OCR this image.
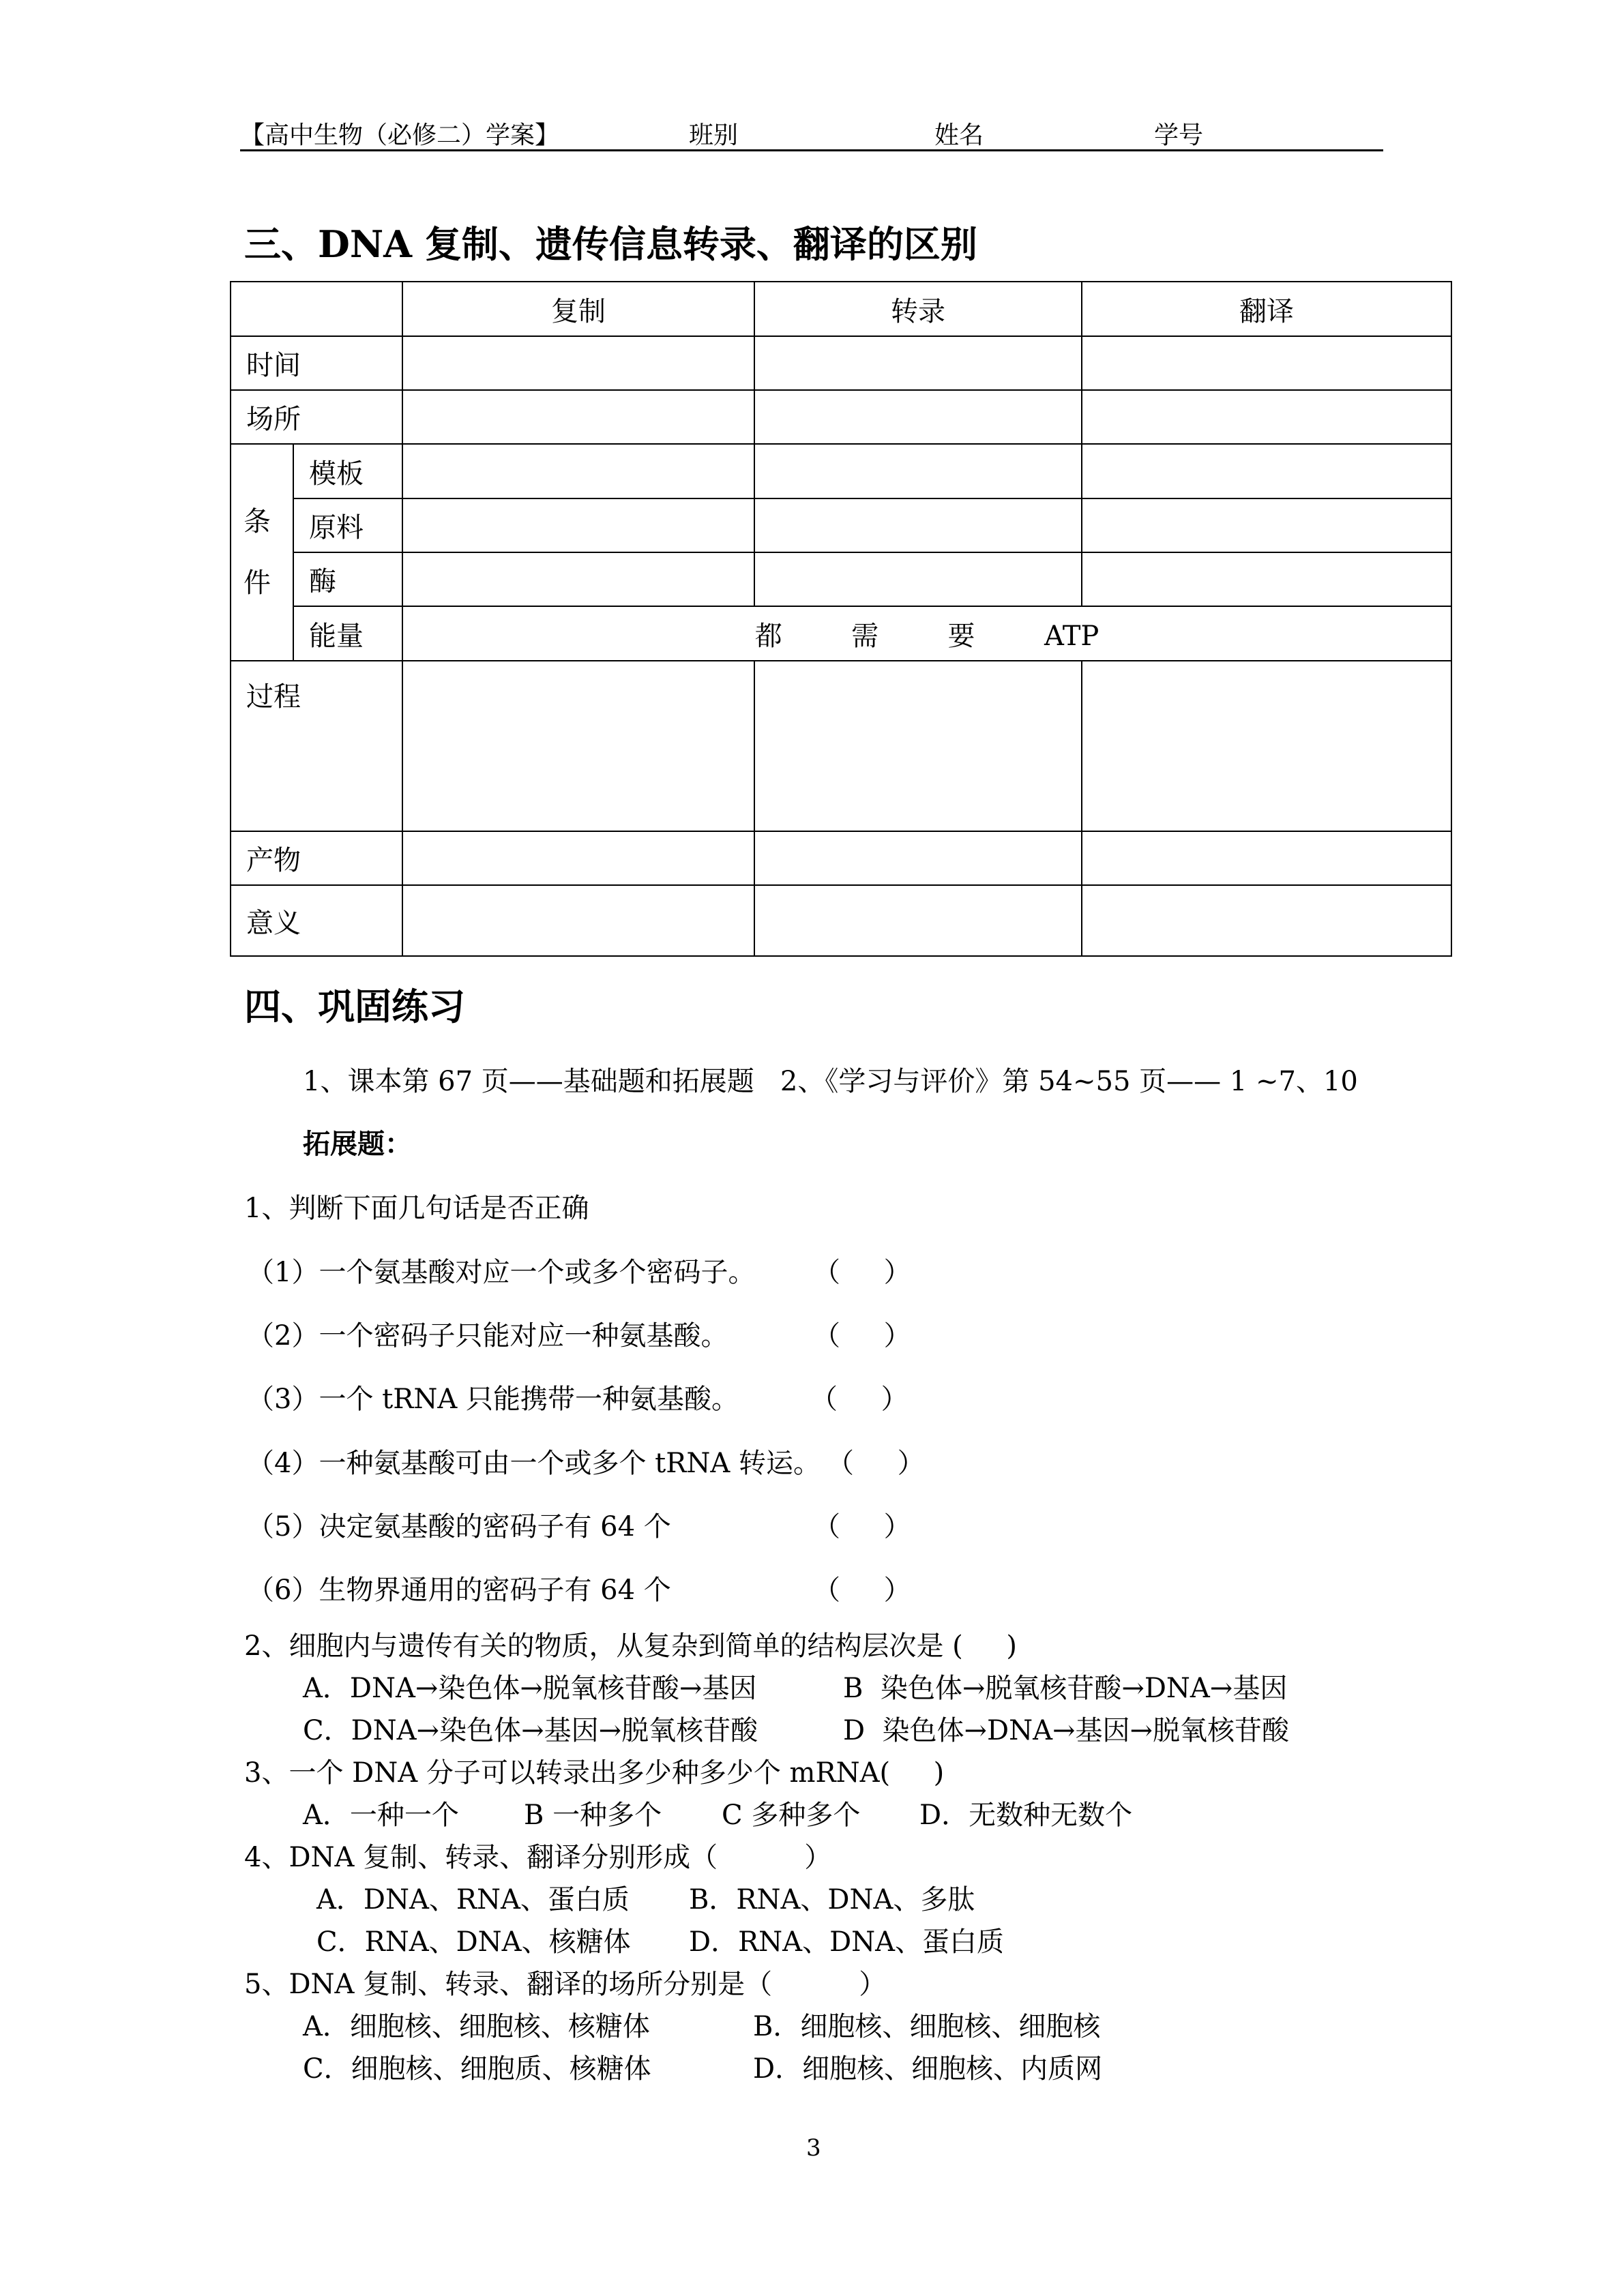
【高中生物（必修二）学案】	班别	姓名	学号
三、DNA 复制、遗传信息转录、翻译的区别
		复制	转录	翻译
时间				
场所				
条
件	模板			
	原料			
	酶			
	能量	都  需  要  ATP		
过程				
产物				
意义				
四、巩固练习
1、课本第 67 页——基础题和拓展题   2、《学习与评价》第 54~55 页—— 1 ~7、10
拓展题：
1、判断下面几句话是否正确
（1）一个氨基酸对应一个或多个密码子。 （     ）
（2）一个密码子只能对应一种氨基酸。	（     ）
（3）一个 tRNA 只能携带一种氨基酸。	（     ）
（4）一种氨基酸可由一个或多个 tRNA 转运。 （     ）
（5）决定氨基酸的密码子有 64 个	（     ）
（6）生物界通用的密码子有 64 个	（     ）
2、细胞内与遗传有关的物质，从复杂到简单的结构层次是 (     )
A．DNA→染色体→脱氧核苷酸→基因	B  染色体→脱氧核苷酸→DNA→基因
C．DNA→染色体→基因→脱氧核苷酸	D  染色体→DNA→基因→脱氧核苷酸
3、一个 DNA 分子可以转录出多少种多少个 mRNA(     )
A．一种一个 B 一种多个 C 多种多个 D．无数种无数个
4、DNA 复制、转录、翻译分别形成（          ）
A．DNA、RNA、蛋白质 B．RNA、DNA、多肽
C．RNA、DNA、核糖体 D．RNA、DNA、蛋白质
5、DNA 复制、转录、翻译的场所分别是（          ）
A．细胞核、细胞核、核糖体	B．细胞核、细胞核、细胞核
C．细胞核、细胞质、核糖体	D．细胞核、细胞核、内质网
3
